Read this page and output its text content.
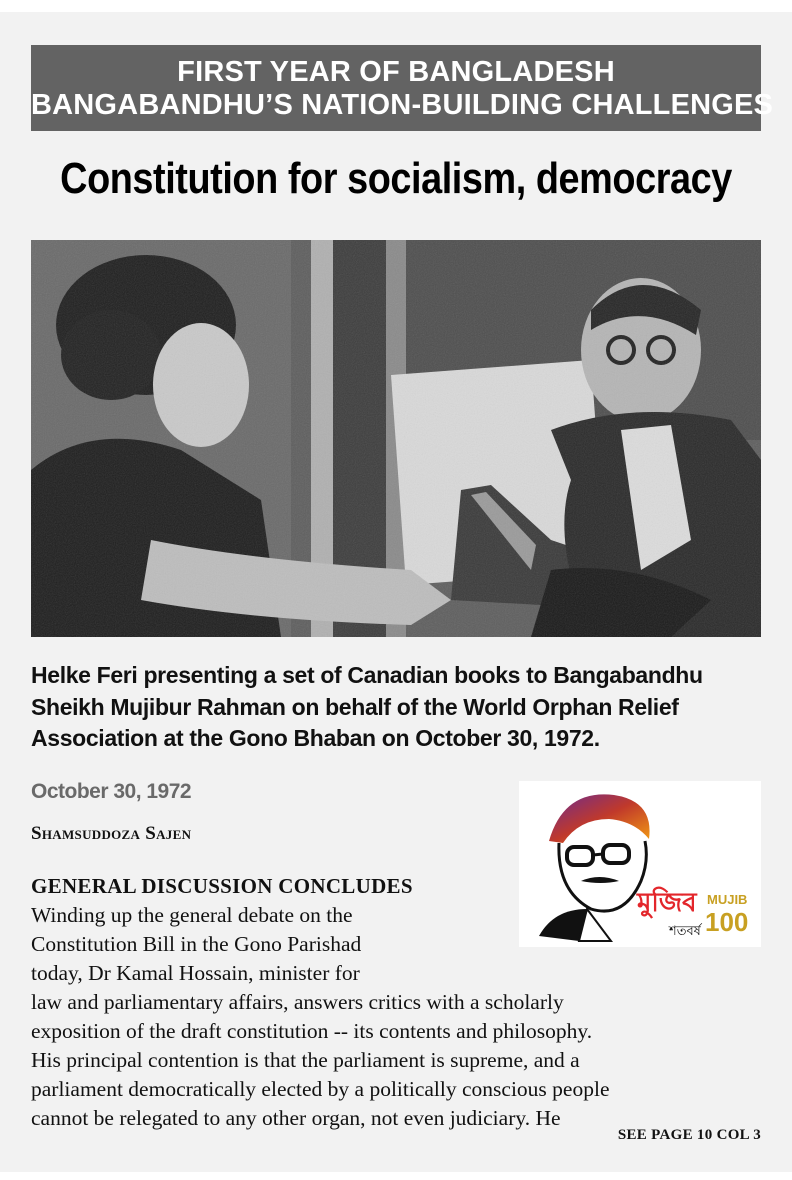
FIRST YEAR OF BANGLADESH
BANGABANDHU’S NATION-BUILDING CHALLENGES
Constitution for socialism, democracy
Helke Feri presenting a set of Canadian books to Bangabandhu
Sheikh Mujibur Rahman on behalf of the World Orphan Relief
Association at the Gono Bhaban on October 30, 1972.
October 30, 1972
Shamsuddoza Sajen
মুজিব
শতবর্ষ
MUJIB
100
GENERAL DISCUSSION CONCLUDES
Winding up the general debate on the
Constitution Bill in the Gono Parishad
today, Dr Kamal Hossain, minister for
law and parliamentary affairs, answers critics with a scholarly
exposition of the draft constitution -- its contents and philosophy.
His principal contention is that the parliament is supreme, and a
parliament democratically elected by a politically conscious people
cannot be relegated to any other organ, not even judiciary. He
SEE PAGE 10 COL 3
